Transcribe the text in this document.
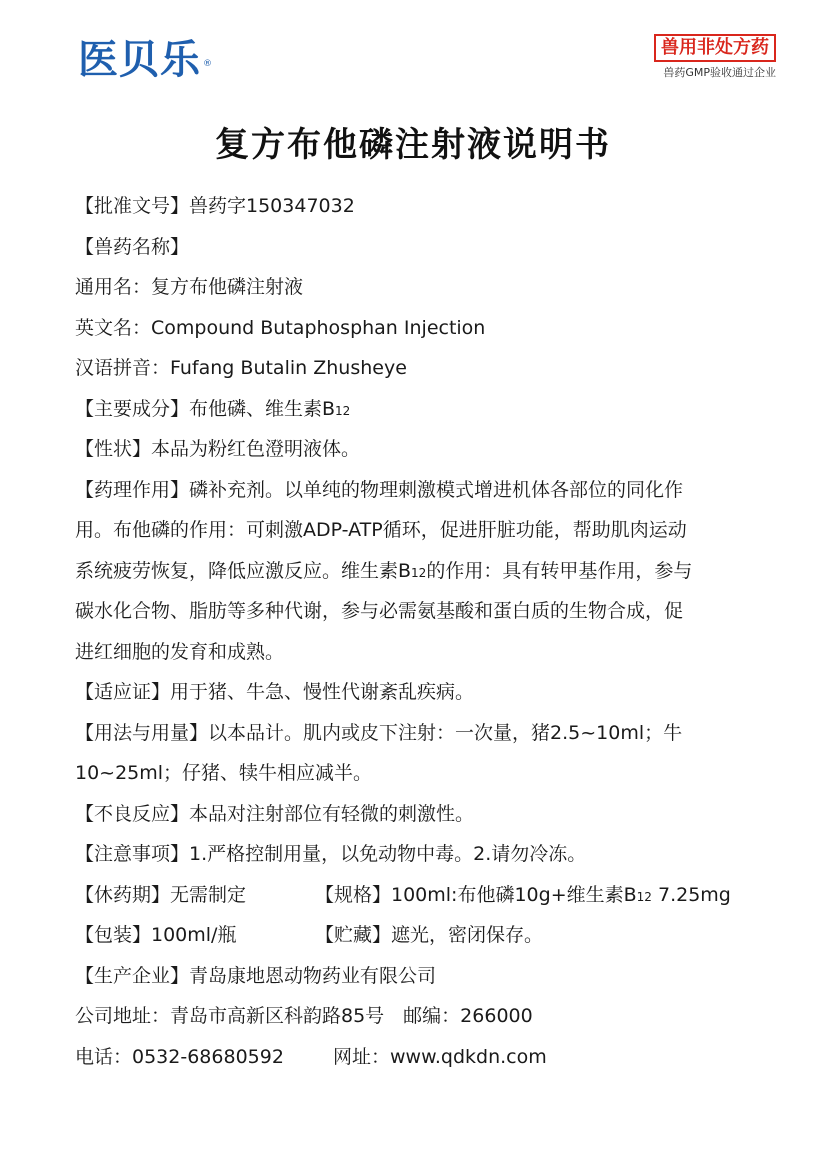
医贝乐 ®
兽用非处方药
兽药GMP验收通过企业
复方布他磷注射液说明书
【批准文号】兽药字150347032
【兽药名称】
通用名：复方布他磷注射液
英文名：Compound Butaphosphan Injection
汉语拼音：Fufang Butalin Zhusheye
【主要成分】布他磷、维生素B12
【性状】本品为粉红色澄明液体。
【药理作用】磷补充剂。以单纯的物理刺激模式增进机体各部位的同化作
用。布他磷的作用：可刺激ADP-ATP循环，促进肝脏功能，帮助肌肉运动
系统疲劳恢复，降低应激反应。维生素B12的作用：具有转甲基作用，参与
碳水化合物、脂肪等多种代谢，参与必需氨基酸和蛋白质的生物合成，促
进红细胞的发育和成熟。
【适应证】用于猪、牛急、慢性代谢紊乱疾病。
【用法与用量】以本品计。肌内或皮下注射：一次量，猪2.5~10ml；牛
10~25ml；仔猪、犊牛相应减半。
【不良反应】本品对注射部位有轻微的刺激性。
【注意事项】1.严格控制用量，以免动物中毒。2.请勿冷冻。
【休药期】无需制定	【规格】100ml:布他磷10g+维生素B12 7.25mg
【包装】100ml/瓶	【贮藏】遮光，密闭保存。
【生产企业】青岛康地恩动物药业有限公司
公司地址：青岛市高新区科韵路85号　邮编：266000
电话：0532-68680592	网址：www.qdkdn.com
